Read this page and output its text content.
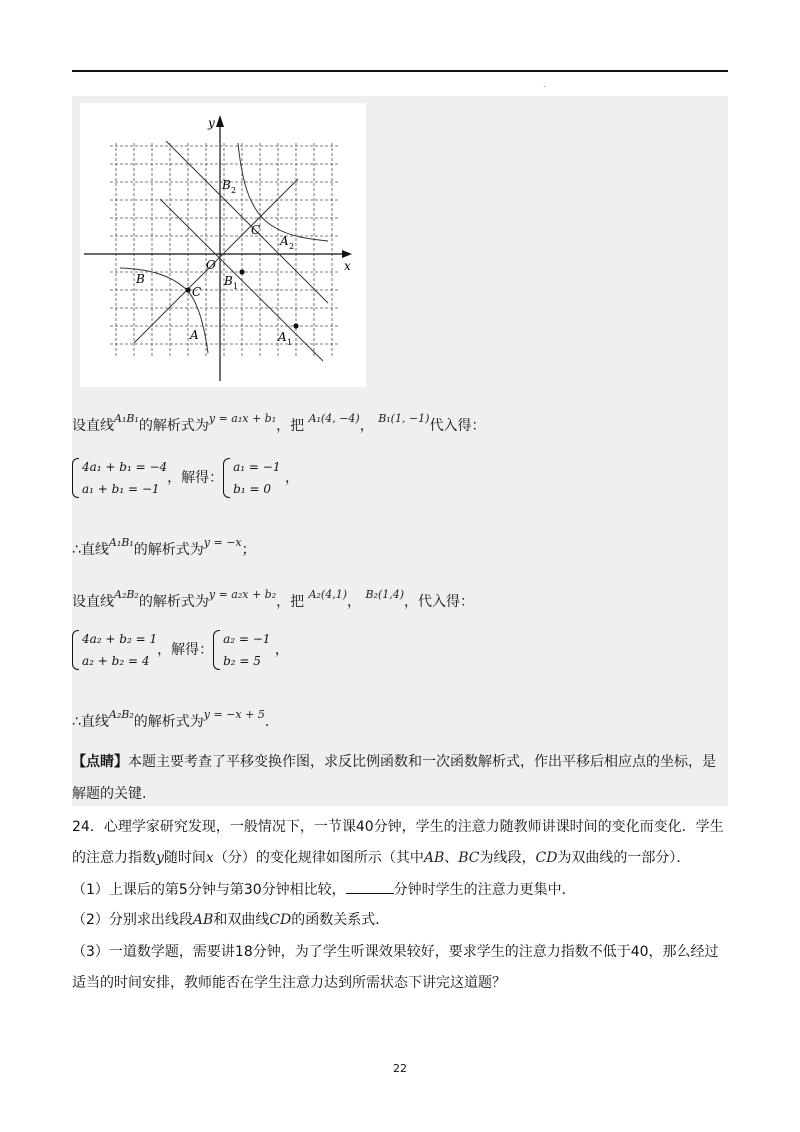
.
x
y
O
B 2
C
A 2
B
C
B 1
A	A 1
设直线$^{A_1B_1}$的解析式为$^{y = a_1x + b_1}$，把 $^{A_1(4, -4)}$， $^{B_1(1, -1)}$代入得：
4a₁ + b₁ = −4
a₁ + b₁ = −1
，解得：
a₁ = −1
b₁ = 0
，
∴直线$^{A_1B_1}$的解析式为$^{y = -x}$；
设直线$^{A_2B_2}$的解析式为$^{y = a_2x + b_2}$，把 $^{A_2(4,1)}$， $^{B_2(1,4)}$，代入得：
4a₂ + b₂ = 1
a₂ + b₂ = 4
，解得：
a₂ = −1
b₂ = 5
，
∴直线$^{A_2B_2}$的解析式为$^{y = -x + 5}$.
【点睛】本题主要考查了平移变换作图，求反比例函数和一次函数解析式，作出平移后相应点的坐标，是
解题的关键.
24．心理学家研究发现，一般情况下，一节课40分钟，学生的注意力随教师讲课时间的变化而变化．学生
的注意力指数y随时间x（分）的变化规律如图所示（其中AB、BC为线段，CD为双曲线的一部分）．
（1）上课后的第5分钟与第30分钟相比较，	分钟时学生的注意力更集中．
（2）分别求出线段AB和双曲线CD的函数关系式．
（3）一道数学题，需要讲18分钟，为了学生听课效果较好，要求学生的注意力指数不低于40，那么经过
适当的时间安排，教师能否在学生注意力达到所需状态下讲完这道题？
22
